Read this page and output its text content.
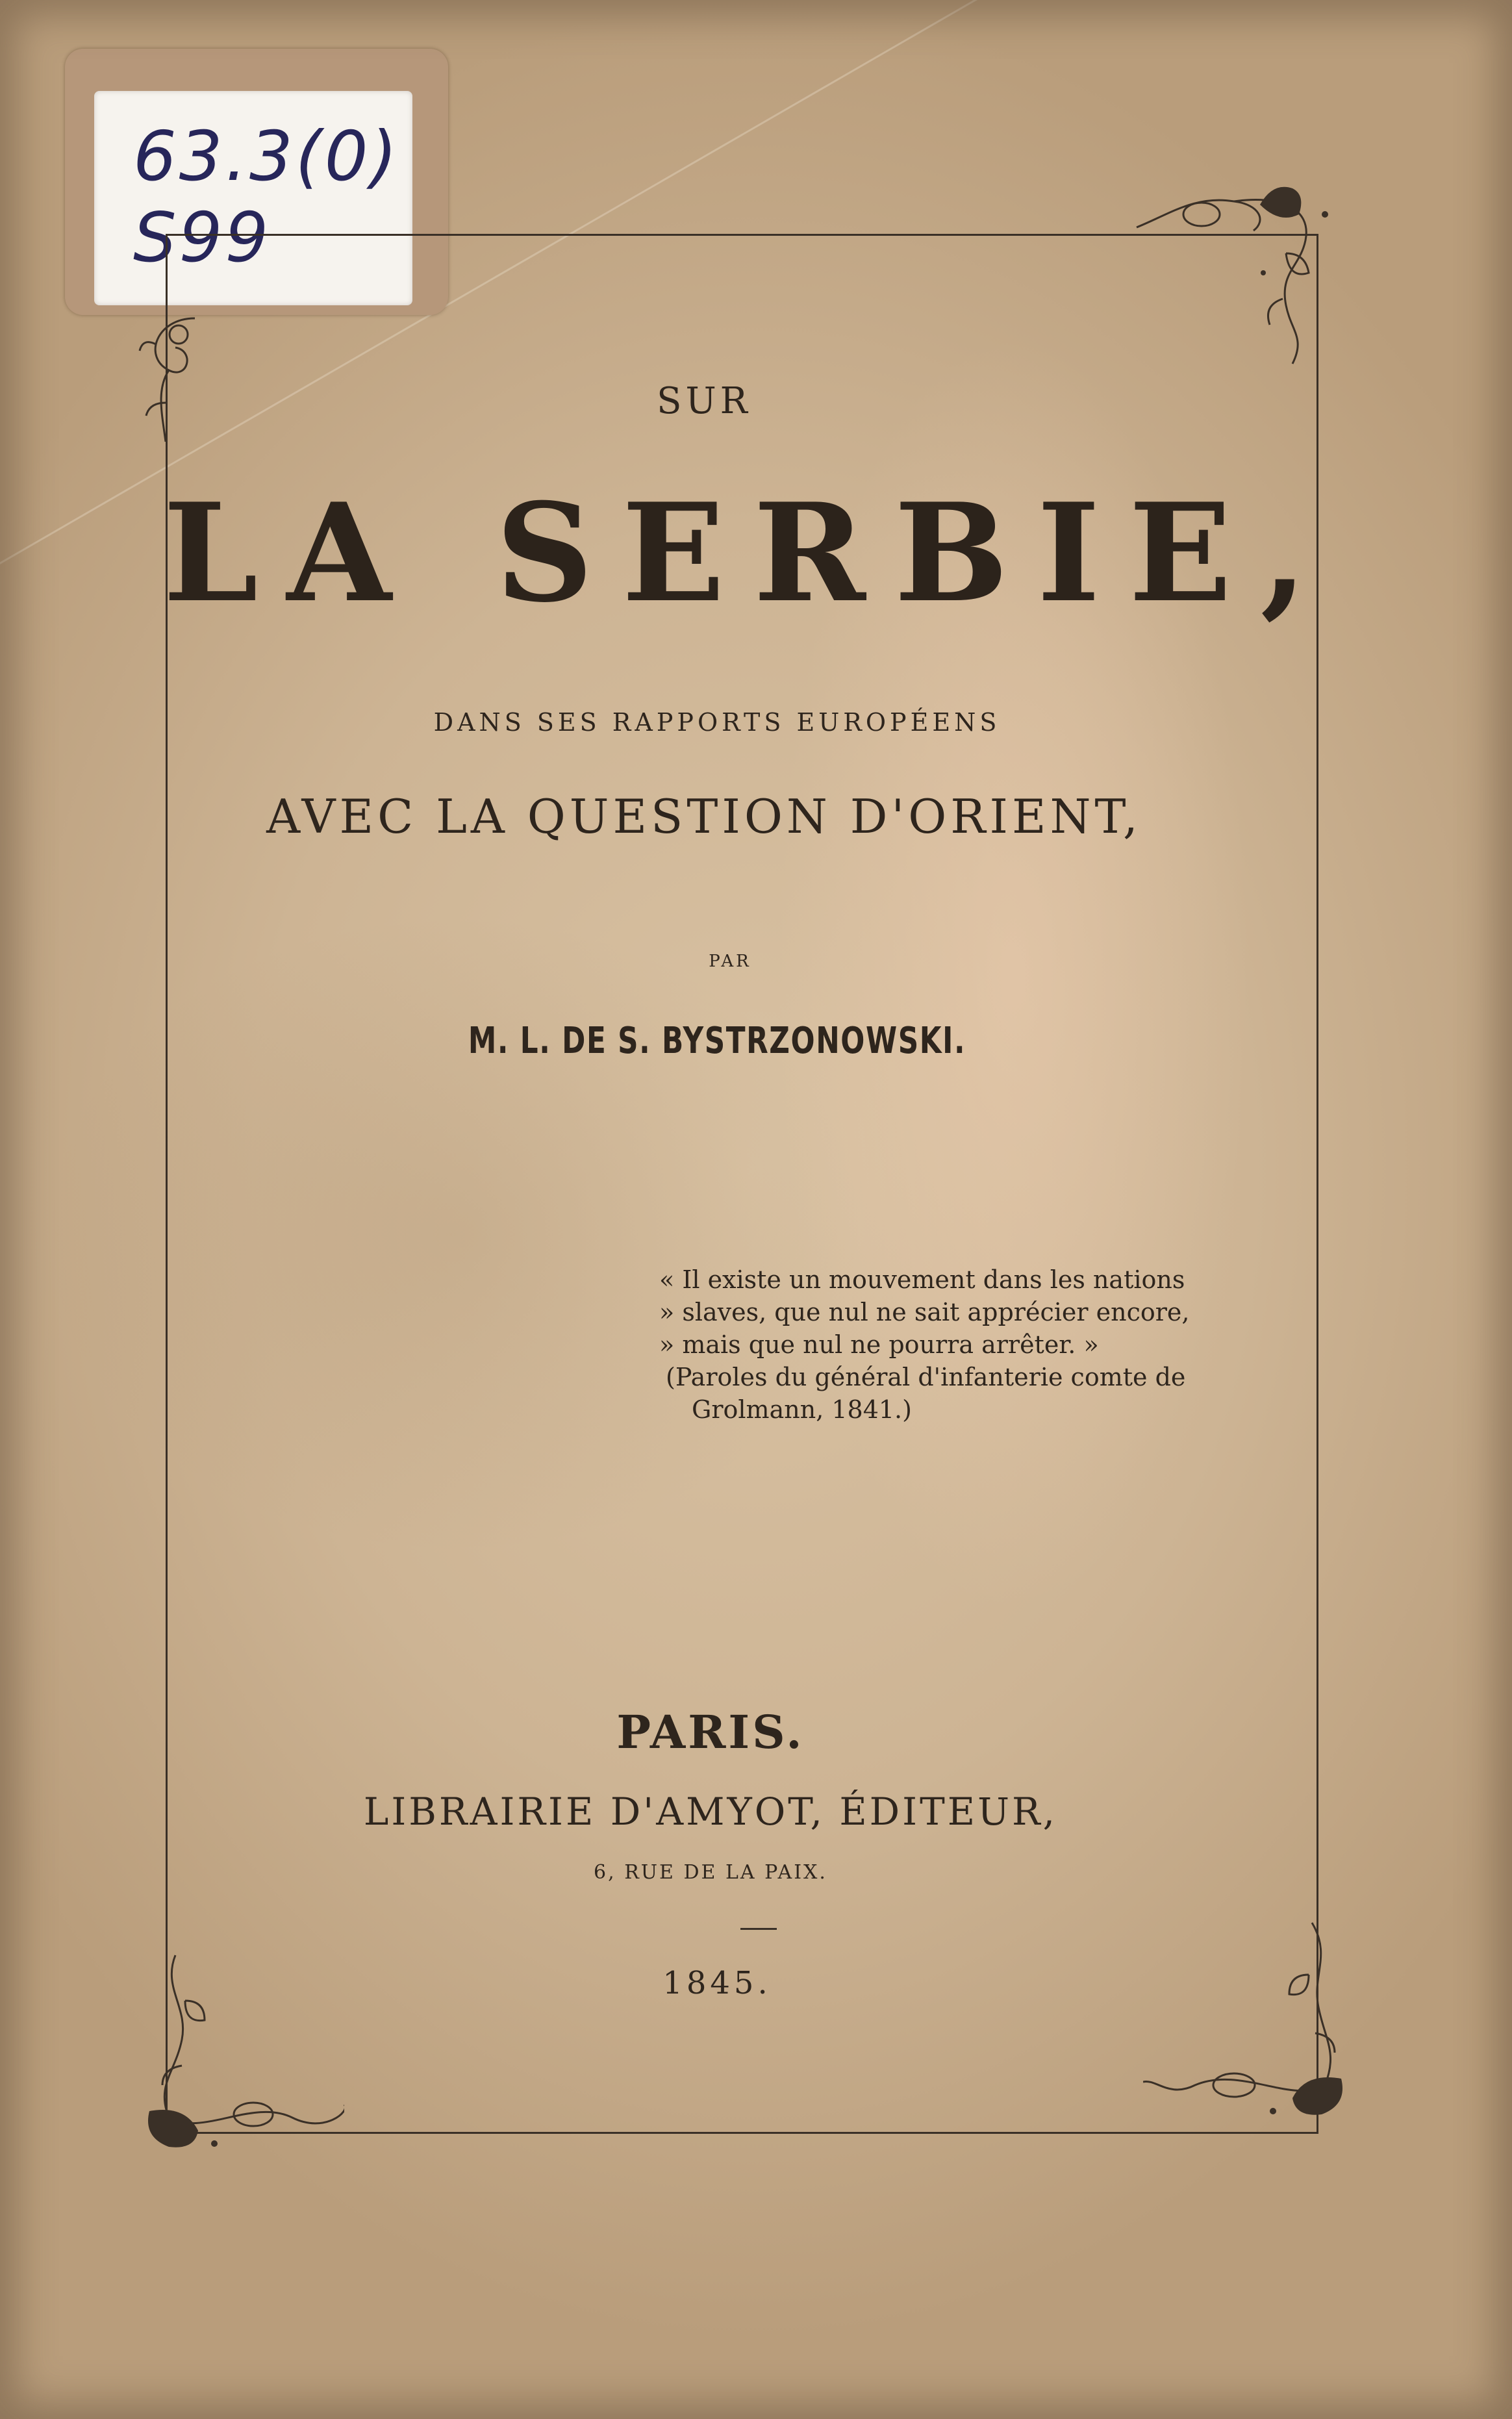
63.3(0)
S99
SUR
LA SERBIE,
DANS SES RAPPORTS EUROPÉENS
AVEC LA QUESTION D'ORIENT,
PAR
M. L. DE S. BYSTRZONOWSKI.
« Il existe un mouvement dans les nations
» slaves, que nul ne sait apprécier encore,
» mais que nul ne pourra arrêter. »
(Paroles du général d'infanterie comte de
Grolmann, 1841.)
PARIS.
LIBRAIRIE D'AMYOT, ÉDITEUR,
6, RUE DE LA PAIX.
1845.
